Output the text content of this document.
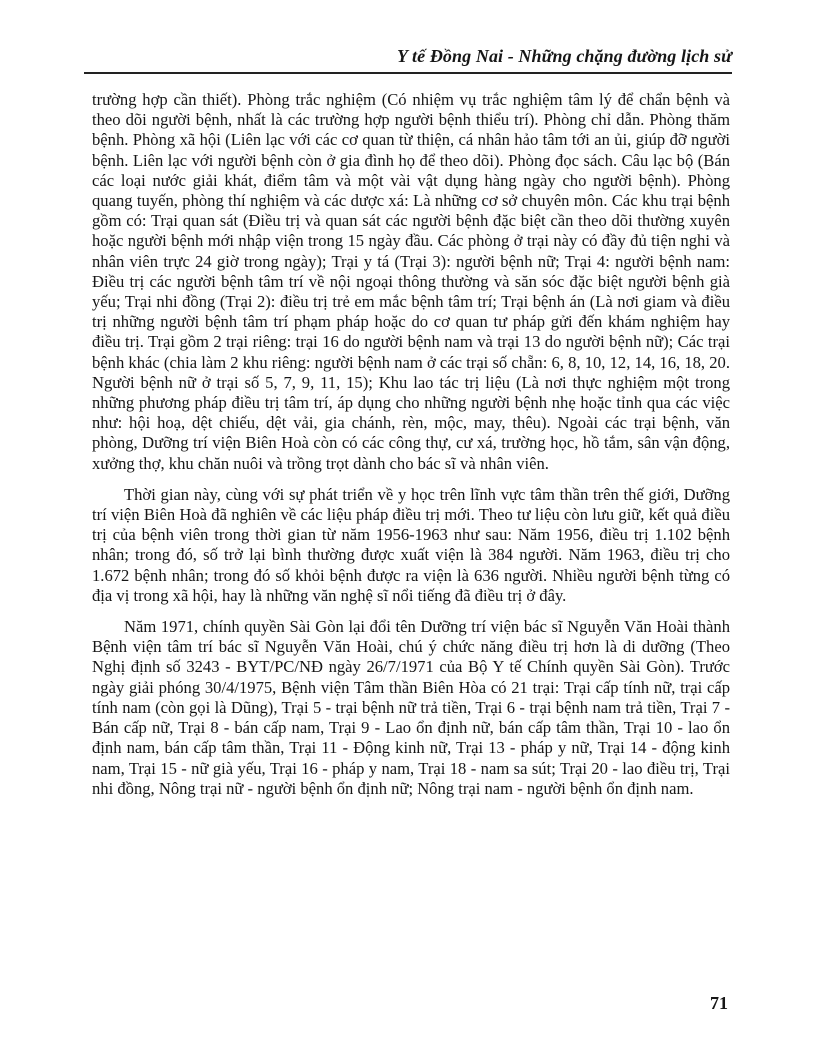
Y tế Đồng Nai - Những chặng đường lịch sử

trường hợp cần thiết). Phòng trắc nghiệm (Có nhiệm vụ trắc nghiệm tâm lý để chẩn bệnh và theo dõi người bệnh, nhất là các trường hợp người bệnh thiểu trí). Phòng chỉ dẫn. Phòng thăm bệnh. Phòng xã hội (Liên lạc với các cơ quan từ thiện, cá nhân hảo tâm tới an ủi, giúp đỡ người bệnh. Liên lạc với người bệnh còn ở gia đình họ để theo dõi). Phòng đọc sách. Câu lạc bộ (Bán các loại nước giải khát, điểm tâm và một vài vật dụng hàng ngày cho người bệnh). Phòng quang tuyến, phòng thí nghiệm và các dược xá: Là những cơ sở chuyên môn. Các khu trại bệnh gồm có: Trại quan sát (Điều trị và quan sát các người bệnh đặc biệt cần theo dõi thường xuyên hoặc người bệnh mới nhập viện trong 15 ngày đầu. Các phòng ở trại này có đầy đủ tiện nghi và nhân viên trực 24 giờ trong ngày); Trại y tá (Trại 3): người bệnh nữ; Trại 4: người bệnh nam: Điều trị các người bệnh tâm trí về nội ngoại thông thường và săn sóc đặc biệt người bệnh già yếu; Trại nhi đồng (Trại 2): điều trị trẻ em mắc bệnh tâm trí; Trại bệnh án (Là nơi giam và điều trị những người bệnh tâm trí phạm pháp hoặc do cơ quan tư pháp gửi đến khám nghiệm hay điều trị. Trại gồm 2 trại riêng: trại 16 do người bệnh nam và trại 13 do người bệnh nữ); Các trại bệnh khác (chia làm 2 khu riêng: người bệnh nam ở các trại số chẵn: 6, 8, 10, 12, 14, 16, 18, 20. Người bệnh nữ ở trại số 5, 7, 9, 11, 15); Khu lao tác trị liệu (Là nơi thực nghiệm một trong những phương pháp điều trị tâm trí, áp dụng cho những người bệnh nhẹ hoặc tỉnh qua các việc như: hội hoạ, dệt chiếu, dệt vải, gia chánh, rèn, mộc, may, thêu). Ngoài các trại bệnh, văn phòng, Dưỡng trí viện Biên Hoà còn có các công thự, cư xá, trường học, hồ tắm, sân vận động, xưởng thợ, khu chăn nuôi và trồng trọt dành cho bác sĩ và nhân viên.

Thời gian này, cùng với sự phát triển về y học trên lĩnh vực tâm thần trên thế giới, Dưỡng trí viện Biên Hoà đã nghiên về các liệu pháp điều trị mới. Theo tư liệu còn lưu giữ, kết quả điều trị của bệnh viên trong thời gian từ năm 1956-1963 như sau: Năm 1956, điều trị 1.102 bệnh nhân; trong đó, số trở lại bình thường được xuất viện là 384 người. Năm 1963, điều trị cho 1.672 bệnh nhân; trong đó số khỏi bệnh được ra viện là 636 người. Nhiều người bệnh từng có địa vị trong xã hội, hay là những văn nghệ sĩ nổi tiếng đã điều trị ở đây.

Năm 1971, chính quyền Sài Gòn lại đổi tên Dưỡng trí viện bác sĩ Nguyễn Văn Hoài thành Bệnh viện tâm trí bác sĩ Nguyễn Văn Hoài, chú ý chức năng điều trị hơn là di dưỡng (Theo Nghị định số 3243 - BYT/PC/NĐ ngày 26/7/1971 của Bộ Y tế Chính quyền Sài Gòn). Trước ngày giải phóng 30/4/1975, Bệnh viện Tâm thần Biên Hòa có 21 trại: Trại cấp tính nữ, trại cấp tính nam (còn gọi là Dũng), Trại 5 - trại bệnh nữ trả tiền, Trại 6 - trại bệnh nam trả tiền, Trại 7 - Bán cấp nữ, Trại 8 - bán cấp nam, Trại 9 - Lao ổn định nữ, bán cấp tâm thần, Trại 10 - lao ổn định nam, bán cấp tâm thần, Trại 11 - Động kinh nữ, Trại 13 - pháp y nữ, Trại 14 - động kinh nam, Trại 15 - nữ già yếu, Trại 16 - pháp y nam, Trại 18 - nam sa sút; Trại 20 - lao điều trị, Trại nhi đồng, Nông trại nữ - người bệnh ổn định nữ; Nông trại nam - người bệnh ổn định nam.

71
